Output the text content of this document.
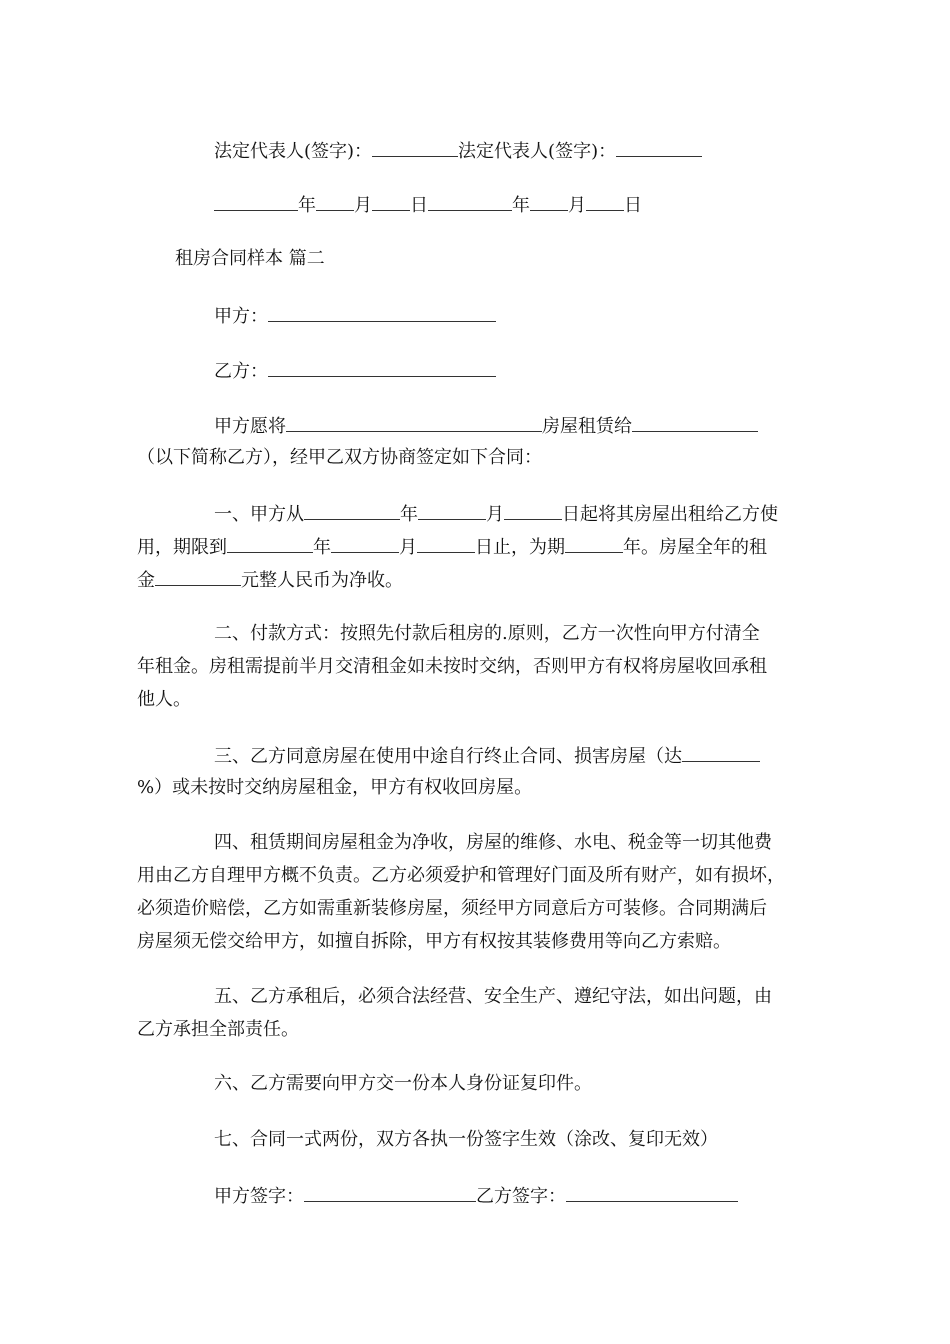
法定代表人(签字)：	法定代表人(签字)：
年 月 日	年 月 日
租房合同样本 篇二
甲方：
乙方：
甲方愿将	房屋租赁给
（以下简称乙方），经甲乙双方协商签定如下合同：
一、甲方从	年	月	日起将其房屋出租给乙方使
用，期限到	年	月	日止，为期	年。房屋全年的租
金	元整人民币为净收。
二、付款方式：按照先付款后租房的.原则，乙方一次性向甲方付清全
年租金。房租需提前半月交清租金如未按时交纳，否则甲方有权将房屋收回承租
他人。
三、乙方同意房屋在使用中途自行终止合同、损害房屋（达
%）或未按时交纳房屋租金，甲方有权收回房屋。
四、租赁期间房屋租金为净收，房屋的维修、水电、税金等一切其他费
用由乙方自理甲方概不负责。乙方必须爱护和管理好门面及所有财产，如有损坏，
必须造价赔偿，乙方如需重新装修房屋，须经甲方同意后方可装修。合同期满后
房屋须无偿交给甲方，如擅自拆除，甲方有权按其装修费用等向乙方索赔。
五、乙方承租后，必须合法经营、安全生产、遵纪守法，如出问题，由
乙方承担全部责任。
六、乙方需要向甲方交一份本人身份证复印件。
七、合同一式两份，双方各执一份签字生效（涂改、复印无效）
甲方签字：	乙方签字：
